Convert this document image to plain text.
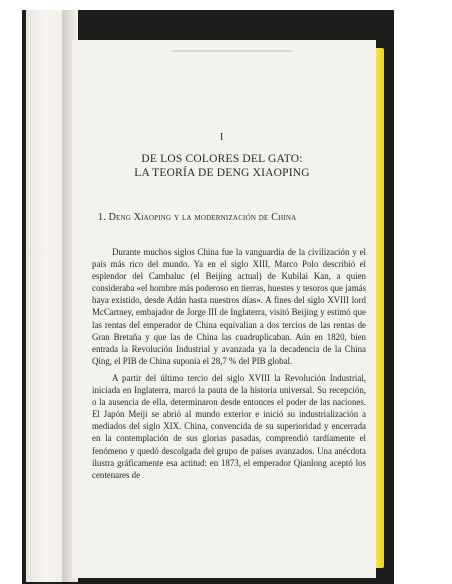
I
DE LOS COLORES DEL GATO:
LA TEORÍA DE DENG XIAOPING
1. Deng Xiaoping y la modernización de China

Durante muchos siglos China fue la vanguardia de la civilización y el país más rico del mundo. Ya en el siglo XIII, Marco Polo describió el esplendor del Cambaluc (el Beijing actual) de Kubilai Kan, a quien consideraba «el hombre más poderoso en tierras, huestes y tesoros que jamás haya existido, desde Adán hasta nuestros días». A fines del siglo XVIII lord McCartney, embajador de Jorge III de Inglaterra, visitó Beijing y estimó que las rentas del emperador de China equivalían a dos tercios de las rentas de Gran Bretaña y que las de China las cuadruplicaban. Aún en 1820, bien entrada la Revolución Industrial y avanzada ya la decadencia de la China Qing, el PIB de China suponía el 28,7 % del PIB global.

A partir del último tercio del siglo XVIII la Revolución Industrial, iniciada en Inglaterra, marcó la pauta de la historia universal. Su recepción, o la ausencia de ella, determinaron desde entonces el poder de las naciones. El Japón Meiji se abrió al mundo exterior e inició su industrialización a mediados del siglo XIX. China, convencida de su superioridad y encerrada en la contemplación de sus glorias pasadas, comprendió tardíamente el fenómeno y quedó descolgada del grupo de países avanzados. Una anécdota ilustra gráficamente esa actitud: en 1873, el emperador Qianlong aceptó los centenares de
